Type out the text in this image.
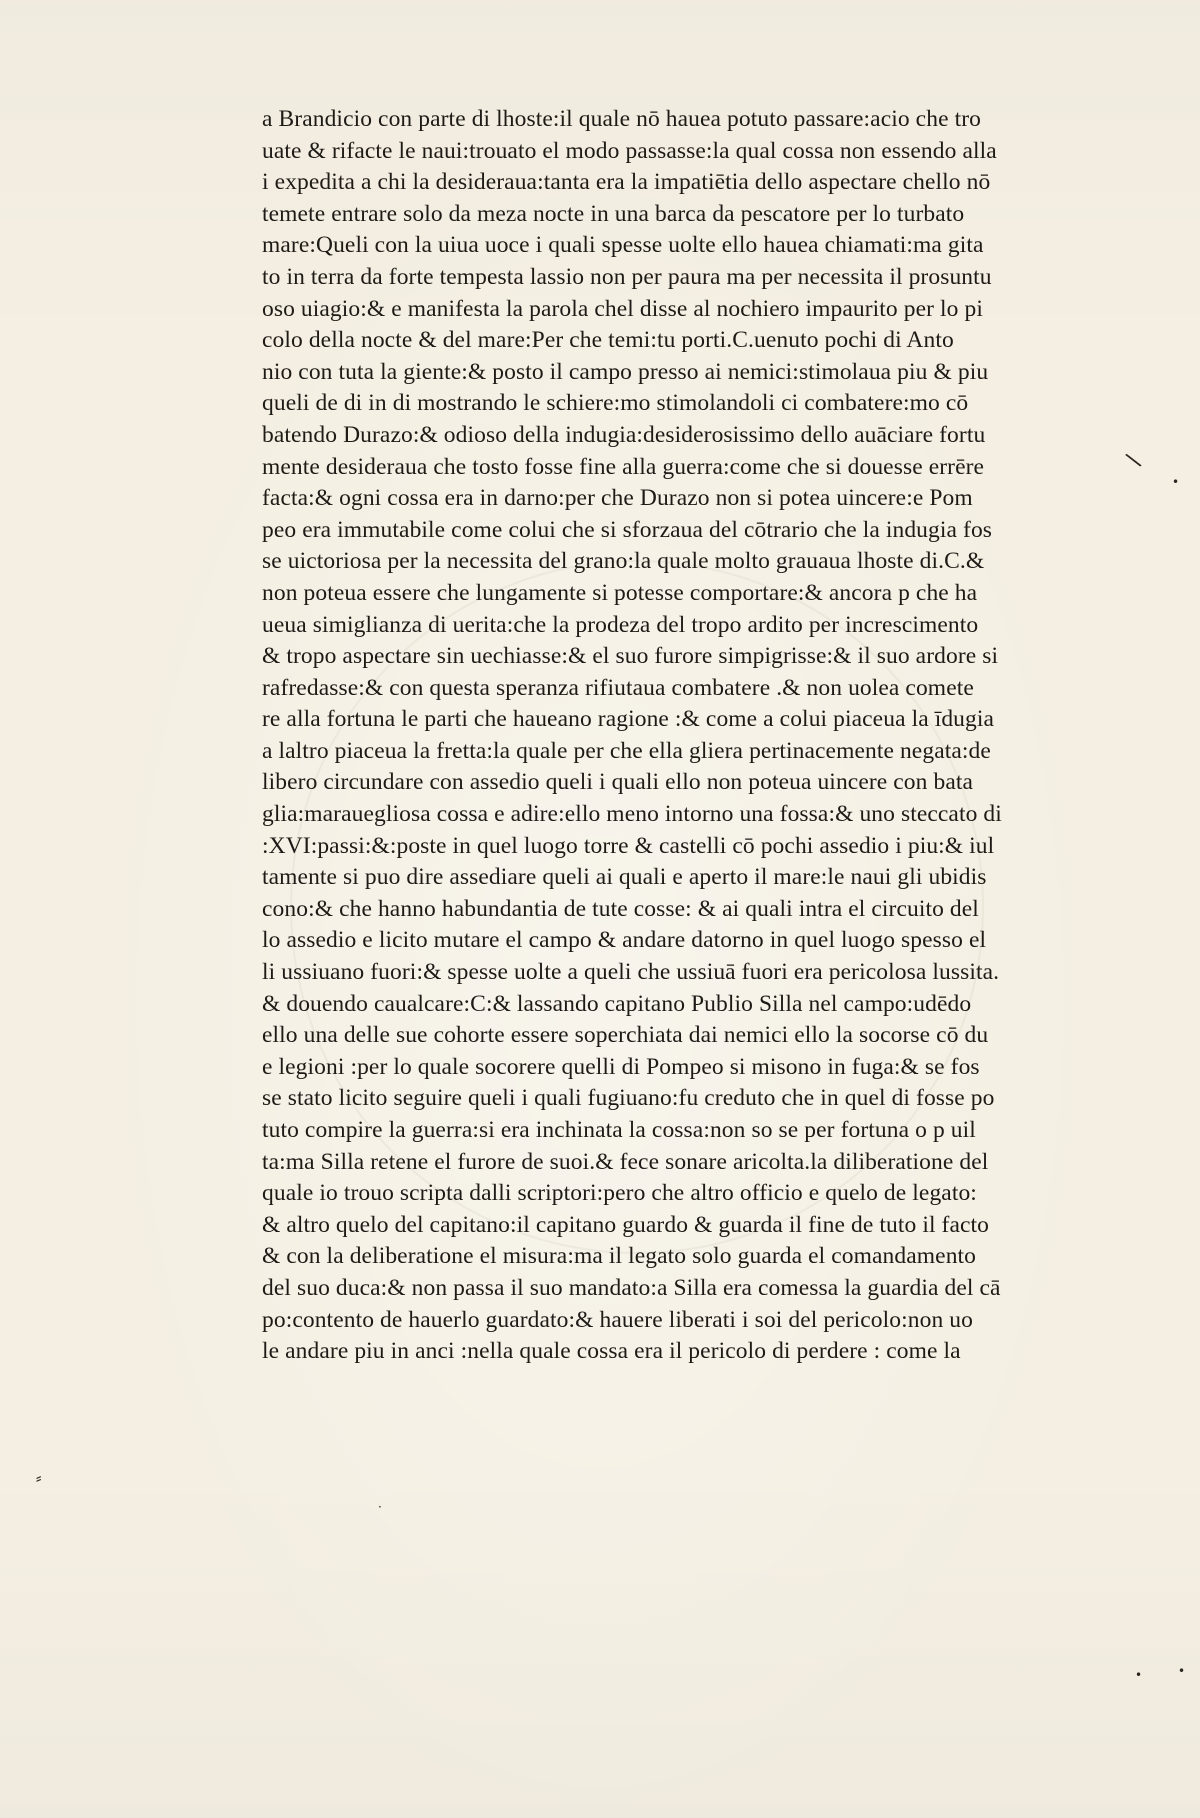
a Brandicio con parte di lhoste:il quale nō hauea potuto passare:acio che tro
uate & rifacte le naui:trouato el modo passasse:la qual cossa non essendo alla
i expedita a chi la desideraua:tanta era la impatiētia dello aspectare chello nō
temete entrare solo da meza nocte in una barca da pescatore per lo turbato
mare:Queli con la uiua uoce i quali spesse uolte ello hauea chiamati:ma gita
to in terra da forte tempesta lassio non per paura ma per necessita il prosuntu
oso uiagio:& e manifesta la parola chel disse al nochiero impaurito per lo pi
colo della nocte & del mare:Per che temi:tu porti.C.uenuto pochi di Anto
nio con tuta la giente:& posto il campo presso ai nemici:stimolaua piu & piu
queli de di in di mostrando le schiere:mo stimolandoli ci combatere:mo cō
batendo Durazo:& odioso della indugia:desiderosissimo dello auāciare fortu
mente desideraua che tosto fosse fine alla guerra:come che si douesse errēre
facta:& ogni cossa era in darno:per che Durazo non si potea uincere:e Pom
peo era immutabile come colui che si sforzaua del cōtrario che la indugia fos
se uictoriosa per la necessita del grano:la quale molto grauaua lhoste di.C.&
non poteua essere che lungamente si potesse comportare:& ancora p che ha
ueua simiglianza di uerita:che la prodeza del tropo ardito per increscimento
& tropo aspectare sin uechiasse:& el suo furore simpigrisse:& il suo ardore si
rafredasse:& con questa speranza rifiutaua combatere .& non uolea comete
re alla fortuna le parti che haueano ragione :& come a colui piaceua la īdugia
a laltro piaceua la fretta:la quale per che ella gliera pertinacemente negata:de
libero circundare con assedio queli i quali ello non poteua uincere con bata
glia:marauegliosa cossa e adire:ello meno intorno una fossa:& uno steccato di
:XVI:passi:&:poste in quel luogo torre & castelli cō pochi assedio i piu:& iul
tamente si puo dire assediare queli ai quali e aperto il mare:le naui gli ubidis
cono:& che hanno habundantia de tute cosse: & ai quali intra el circuito del
lo assedio e licito mutare el campo & andare datorno in quel luogo spesso el
li ussiuano fuori:& spesse uolte a queli che ussiuā fuori era pericolosa lussita.
& douendo caualcare:C:& lassando capitano Publio Silla nel campo:udēdo
ello una delle sue cohorte essere soperchiata dai nemici ello la socorse cō du
e legioni :per lo quale socorere quelli di Pompeo si misono in fuga:& se fos
se stato licito seguire queli i quali fugiuano:fu creduto che in quel di fosse po
tuto compire la guerra:si era inchinata la cossa:non so se per fortuna o p uil
ta:ma Silla retene el furore de suoi.& fece sonare aricolta.la diliberatione del
quale io trouo scripta dalli scriptori:pero che altro officio e quelo de legato:
& altro quelo del capitano:il capitano guardo & guarda il fine de tuto il facto
& con la deliberatione el misura:ma il legato solo guarda el comandamento
del suo duca:& non passa il suo mandato:a Silla era comessa la guardia del cā
po:contento de hauerlo guardato:& hauere liberati i soi del pericolo:non uo
le andare piu in anci :nella quale cossa era il pericolo di perdere : come la
\
•
⸗
·
•	•
